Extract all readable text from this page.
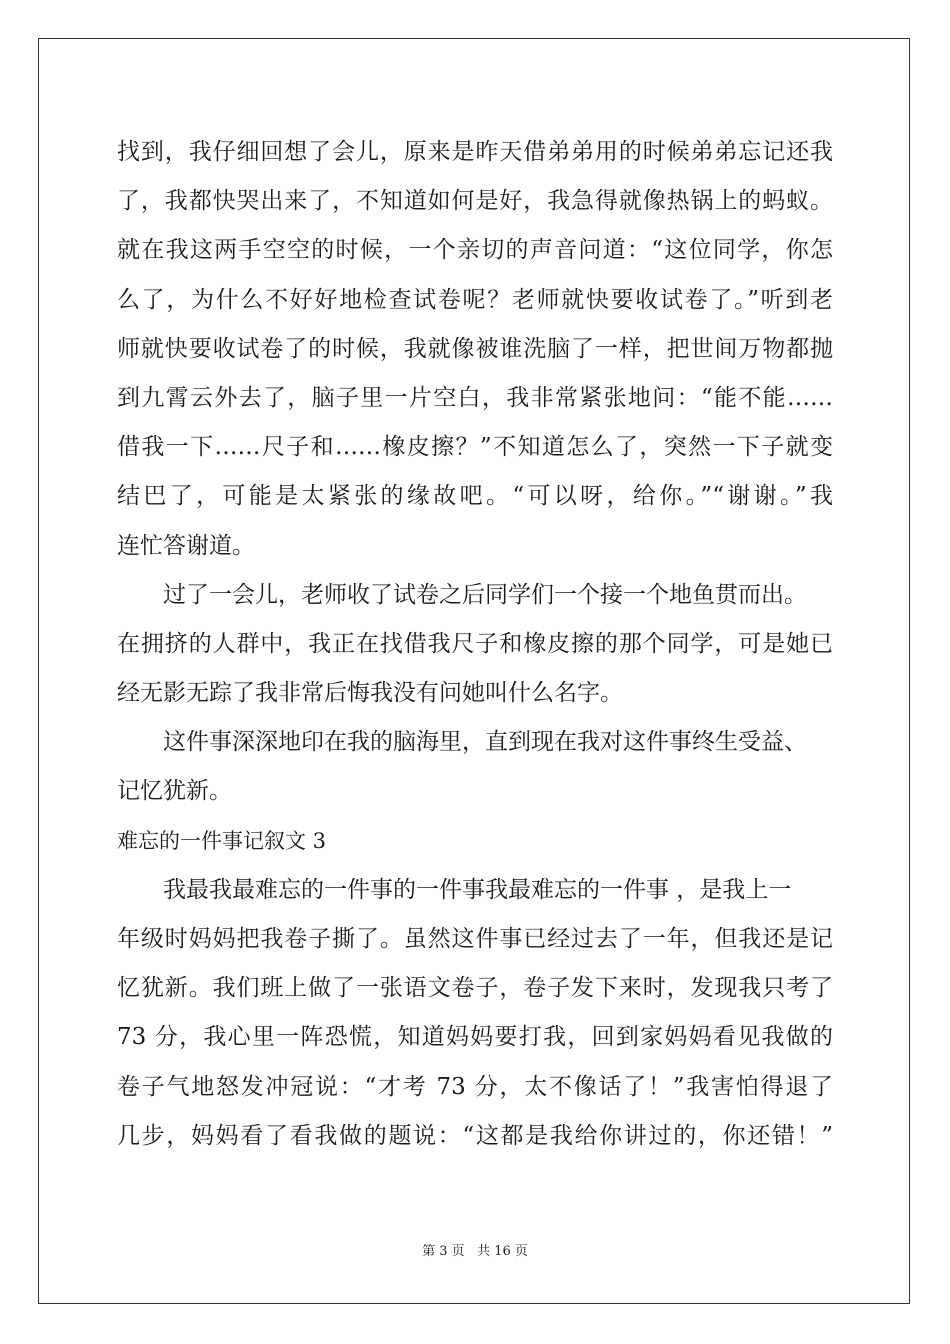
找到，我仔细回想了会儿，原来是昨天借弟弟用的时候弟弟忘记还我
了，我都快哭出来了，不知道如何是好，我急得就像热锅上的蚂蚁。
就在我这两手空空的时候，一个亲切的声音问道：“这位同学，你怎
么了，为什么不好好地检查试卷呢？老师就快要收试卷了。”听到老
师就快要收试卷了的时候，我就像被谁洗脑了一样，把世间万物都抛
到九霄云外去了，脑子里一片空白，我非常紧张地问：“能不能……
借我一下……尺子和……橡皮擦？”不知道怎么了，突然一下子就变
结巴了，可能是太紧张的缘故吧。“可以呀，给你。”“谢谢。”我
连忙答谢道。
过了一会儿，老师收了试卷之后同学们一个接一个地鱼贯而出。
在拥挤的人群中，我正在找借我尺子和橡皮擦的那个同学，可是她已
经无影无踪了我非常后悔我没有问她叫什么名字。
这件事深深地印在我的脑海里，直到现在我对这件事终生受益、
记忆犹新。
难忘的一件事记叙文 3
我最我最难忘的一件事的一件事我最难忘的一件事 ，是我上一
年级时妈妈把我卷子撕了。虽然这件事已经过去了一年，但我还是记
忆犹新。我们班上做了一张语文卷子，卷子发下来时，发现我只考了
73 分，我心里一阵恐慌，知道妈妈要打我，回到家妈妈看见我做的
卷子气地怒发冲冠说：“才考 73 分，太不像话了！”我害怕得退了
几步，妈妈看了看我做的题说：“这都是我给你讲过的，你还错！”
第 3 页 共 16 页
